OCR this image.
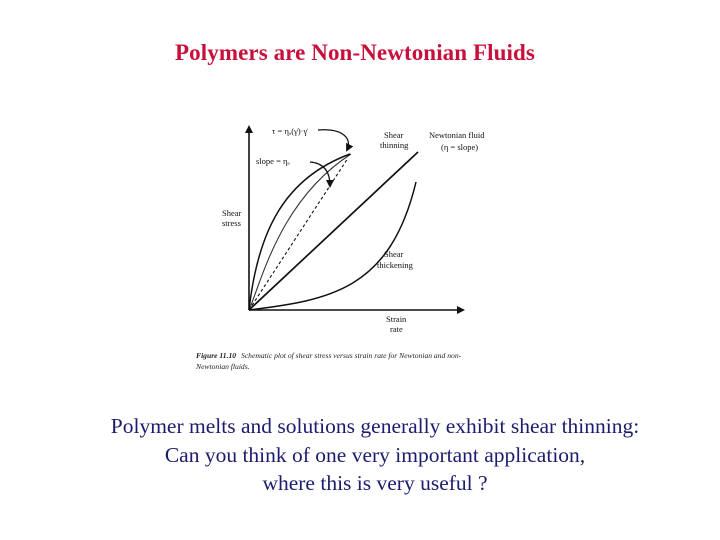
Polymers are Non-Newtonian Fluids
τ = ηₐ(γ̇)·γ̇
slope = ηₐ
Shear
stress
Strain
rate
Shear
thinning
Newtonian fluid
(η = slope)
Shear
thickening
Figure 11.10 Schematic plot of shear stress versus strain rate for Newtonian and non-
Newtonian fluids.
Polymer melts and solutions generally exhibit shear thinning:
Can you think of one very important application,
where this is very useful ?
